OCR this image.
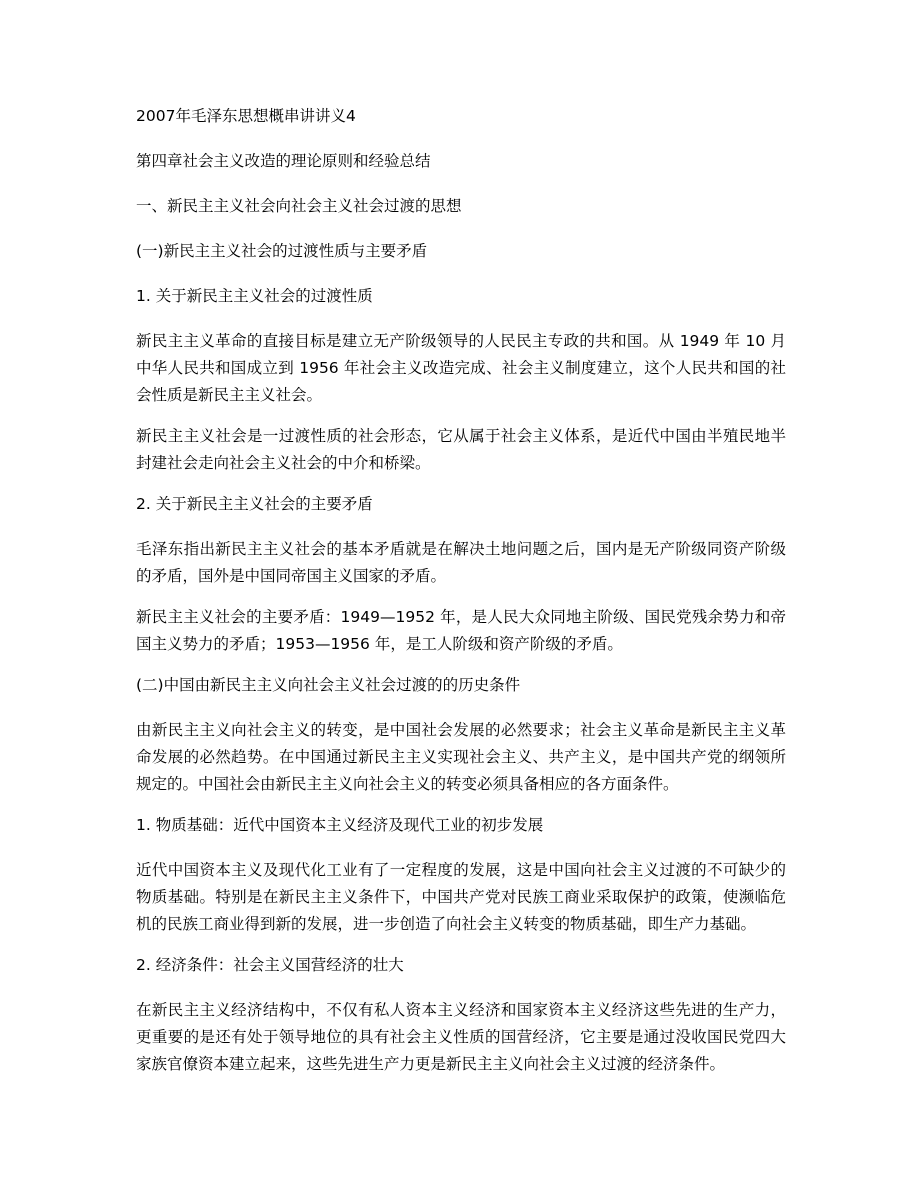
2007年毛泽东思想概串讲讲义4

第四章社会主义改造的理论原则和经验总结

一、新民主主义社会向社会主义社会过渡的思想

(一)新民主主义社会的过渡性质与主要矛盾

1. 关于新民主主义社会的过渡性质

新民主主义革命的直接目标是建立无产阶级领导的人民民主专政的共和国。从 1949 年 10 月中华人民共和国成立到 1956 年社会主义改造完成、社会主义制度建立，这个人民共和国的社会性质是新民主主义社会。

新民主主义社会是一过渡性质的社会形态，它从属于社会主义体系，是近代中国由半殖民地半封建社会走向社会主义社会的中介和桥梁。

2. 关于新民主主义社会的主要矛盾

毛泽东指出新民主主义社会的基本矛盾就是在解决土地问题之后，国内是无产阶级同资产阶级的矛盾，国外是中国同帝国主义国家的矛盾。

新民主主义社会的主要矛盾：1949—1952 年，是人民大众同地主阶级、国民党残余势力和帝国主义势力的矛盾；1953—1956 年，是工人阶级和资产阶级的矛盾。

(二)中国由新民主主义向社会主义社会过渡的的历史条件

由新民主主义向社会主义的转变，是中国社会发展的必然要求；社会主义革命是新民主主义革命发展的必然趋势。在中国通过新民主主义实现社会主义、共产主义，是中国共产党的纲领所规定的。中国社会由新民主主义向社会主义的转变必须具备相应的各方面条件。

1. 物质基础：近代中国资本主义经济及现代工业的初步发展

近代中国资本主义及现代化工业有了一定程度的发展，这是中国向社会主义过渡的不可缺少的物质基础。特别是在新民主主义条件下，中国共产党对民族工商业采取保护的政策，使濒临危机的民族工商业得到新的发展，进一步创造了向社会主义转变的物质基础，即生产力基础。

2. 经济条件：社会主义国营经济的壮大

在新民主主义经济结构中，不仅有私人资本主义经济和国家资本主义经济这些先进的生产力，更重要的是还有处于领导地位的具有社会主义性质的国营经济，它主要是通过没收国民党四大家族官僚资本建立起来，这些先进生产力更是新民主主义向社会主义过渡的经济条件。
